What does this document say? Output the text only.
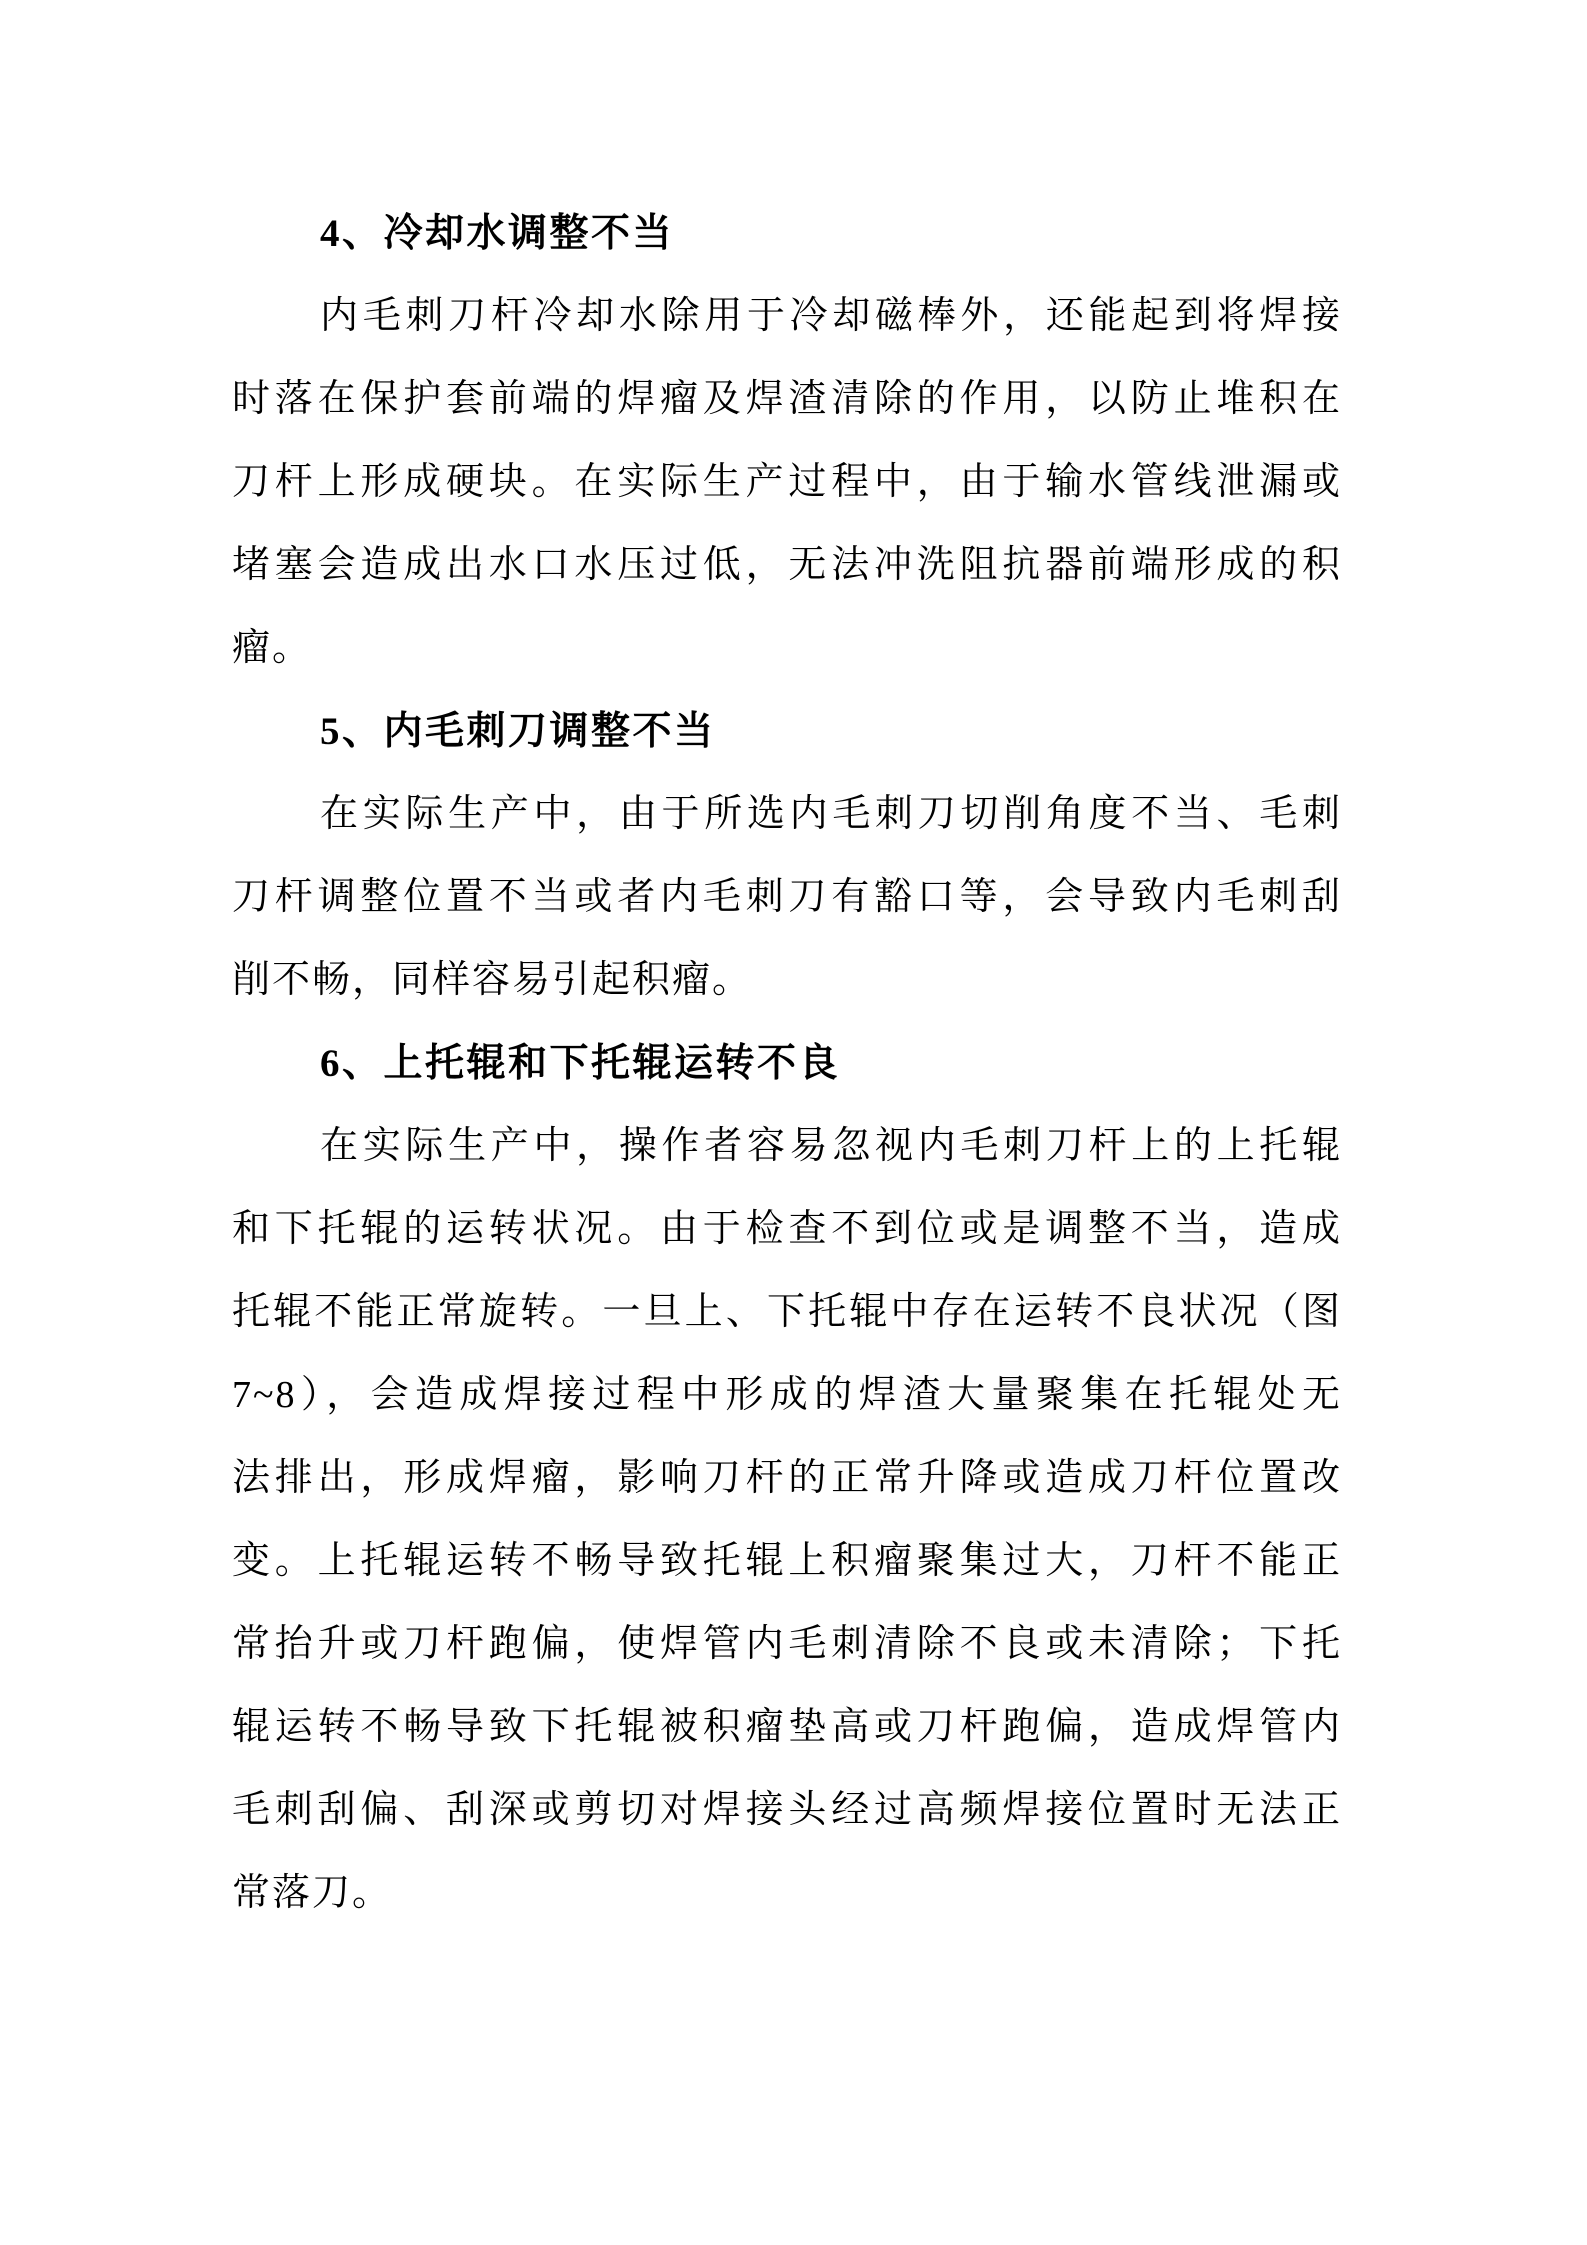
4、冷却水调整不当
内毛刺刀杆冷却水除用于冷却磁棒外，还能起到将焊接
时落在保护套前端的焊瘤及焊渣清除的作用，以防止堆积在
刀杆上形成硬块。在实际生产过程中，由于输水管线泄漏或
堵塞会造成出水口水压过低，无法冲洗阻抗器前端形成的积
瘤。
5、内毛刺刀调整不当
在实际生产中，由于所选内毛刺刀切削角度不当、毛刺
刀杆调整位置不当或者内毛刺刀有豁口等，会导致内毛刺刮
削不畅，同样容易引起积瘤。
6、上托辊和下托辊运转不良
在实际生产中，操作者容易忽视内毛刺刀杆上的上托辊
和下托辊的运转状况。由于检查不到位或是调整不当，造成
托辊不能正常旋转。一旦上、下托辊中存在运转不良状况（图
7~8），会造成焊接过程中形成的焊渣大量聚集在托辊处无
法排出，形成焊瘤，影响刀杆的正常升降或造成刀杆位置改
变。上托辊运转不畅导致托辊上积瘤聚集过大，刀杆不能正
常抬升或刀杆跑偏，使焊管内毛刺清除不良或未清除；下托
辊运转不畅导致下托辊被积瘤垫高或刀杆跑偏，造成焊管内
毛刺刮偏、刮深或剪切对焊接头经过高频焊接位置时无法正
常落刀。
